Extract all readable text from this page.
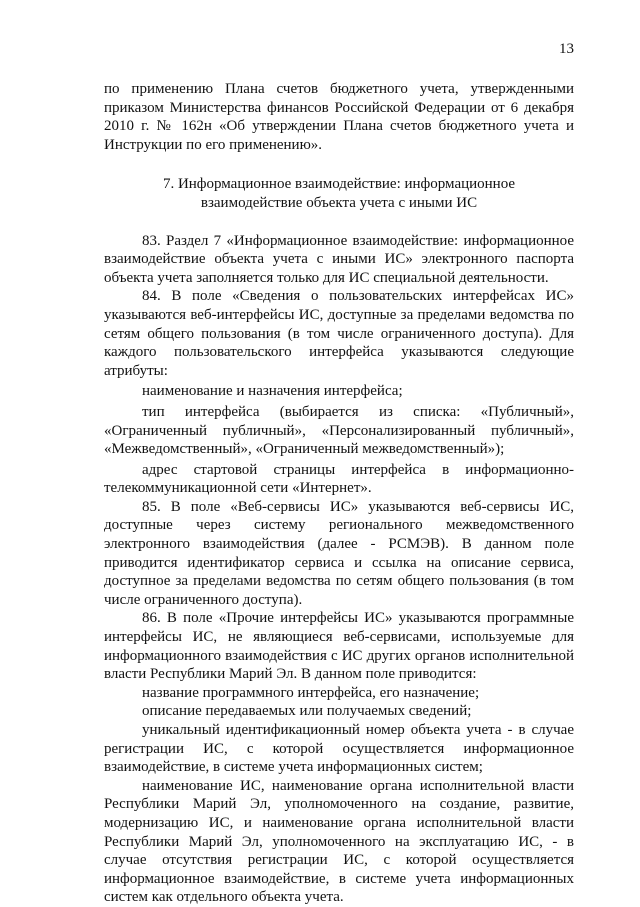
13

по применению Плана счетов бюджетного учета, утвержденными приказом Министерства финансов Российской Федерации от 6 декабря 2010 г. № 162н «Об утверждении Плана счетов бюджетного учета и Инструкции по его применению».

7. Информационное взаимодействие: информационное
взаимодействие объекта учета с иными ИС

83. Раздел 7 «Информационное взаимодействие: информационное взаимодействие объекта учета с иными ИС» электронного паспорта объекта учета заполняется только для ИС специальной деятельности.

84. В поле «Сведения о пользовательских интерфейсах ИС» указываются веб-интерфейсы ИС, доступные за пределами ведомства по сетям общего пользования (в том числе ограниченного доступа). Для каждого пользовательского интерфейса указываются следующие атрибуты:

наименование и назначения интерфейса;

тип интерфейса (выбирается из списка: «Публичный», «Ограниченный публичный», «Персонализированный публичный», «Межведомственный», «Ограниченный межведомственный»);

адрес стартовой страницы интерфейса в информационно-телекоммуникационной сети «Интернет».

85. В поле «Веб-сервисы ИС» указываются веб-сервисы ИС, доступные через систему регионального межведомственного электронного взаимодействия (далее - РСМЭВ). В данном поле приводится идентификатор сервиса и ссылка на описание сервиса, доступное за пределами ведомства по сетям общего пользования (в том числе ограниченного доступа).

86. В поле «Прочие интерфейсы ИС» указываются программные интерфейсы ИС, не являющиеся веб-сервисами, используемые для информационного взаимодействия с ИС других органов исполнительной власти Республики Марий Эл. В данном поле приводится:

название программного интерфейса, его назначение;

описание передаваемых или получаемых сведений;

уникальный идентификационный номер объекта учета - в случае регистрации ИС, с которой осуществляется информационное взаимодействие, в системе учета информационных систем;

наименование ИС, наименование органа исполнительной власти Республики Марий Эл, уполномоченного на создание, развитие, модернизацию ИС, и наименование органа исполнительной власти Республики Марий Эл, уполномоченного на эксплуатацию ИС, - в случае отсутствия регистрации ИС, с которой осуществляется информационное взаимодействие, в системе учета информационных систем как отдельного объекта учета.
